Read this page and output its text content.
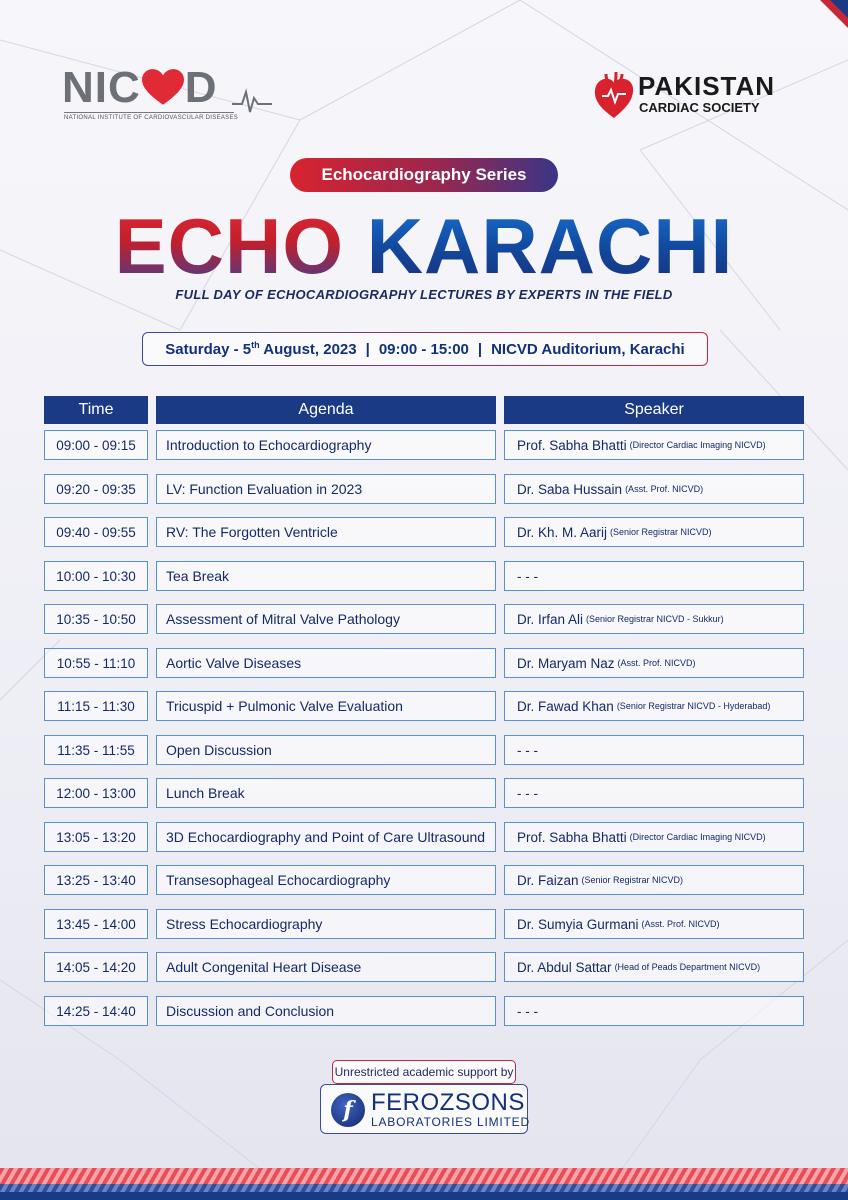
NIC D
NATIONAL INSTITUTE OF CARDIOVASCULAR DISEASES
PAKISTAN
CARDIAC SOCIETY
Echocardiography Series
ECHO KARACHI
FULL DAY OF ECHOCARDIOGRAPHY LECTURES BY EXPERTS IN THE FIELD
Saturday - 5th August, 2023 | 09:00 - 15:00 | NICVD Auditorium, Karachi
Time	Agenda	Speaker
09:00 - 09:15	Introduction to Echocardiography	Prof. Sabha Bhatti (Director Cardiac Imaging NICVD)
09:20 - 09:35	LV: Function Evaluation in 2023	Dr. Saba Hussain (Asst. Prof. NICVD)
09:40 - 09:55	RV: The Forgotten Ventricle	Dr. Kh. M. Aarij (Senior Registrar NICVD)
10:00 - 10:30	Tea Break	- - -
10:35 - 10:50	Assessment of Mitral Valve Pathology	Dr. Irfan Ali (Senior Registrar NICVD - Sukkur)
10:55 - 11:10	Aortic Valve Diseases	Dr. Maryam Naz (Asst. Prof. NICVD)
11:15 - 11:30	Tricuspid + Pulmonic Valve Evaluation	Dr. Fawad Khan (Senior Registrar NICVD - Hyderabad)
11:35 - 11:55	Open Discussion	- - -
12:00 - 13:00	Lunch Break	- - -
13:05 - 13:20	3D Echocardiography and Point of Care Ultrasound	Prof. Sabha Bhatti (Director Cardiac Imaging NICVD)
13:25 - 13:40	Transesophageal Echocardiography	Dr. Faizan (Senior Registrar NICVD)
13:45 - 14:00	Stress Echocardiography	Dr. Sumyia Gurmani (Asst. Prof. NICVD)
14:05 - 14:20	Adult Congenital Heart Disease	Dr. Abdul Sattar (Head of Peads Department NICVD)
14:25 - 14:40	Discussion and Conclusion	- - -
Unrestricted academic support by
f FEROZSONS
LABORATORIES LIMITED
